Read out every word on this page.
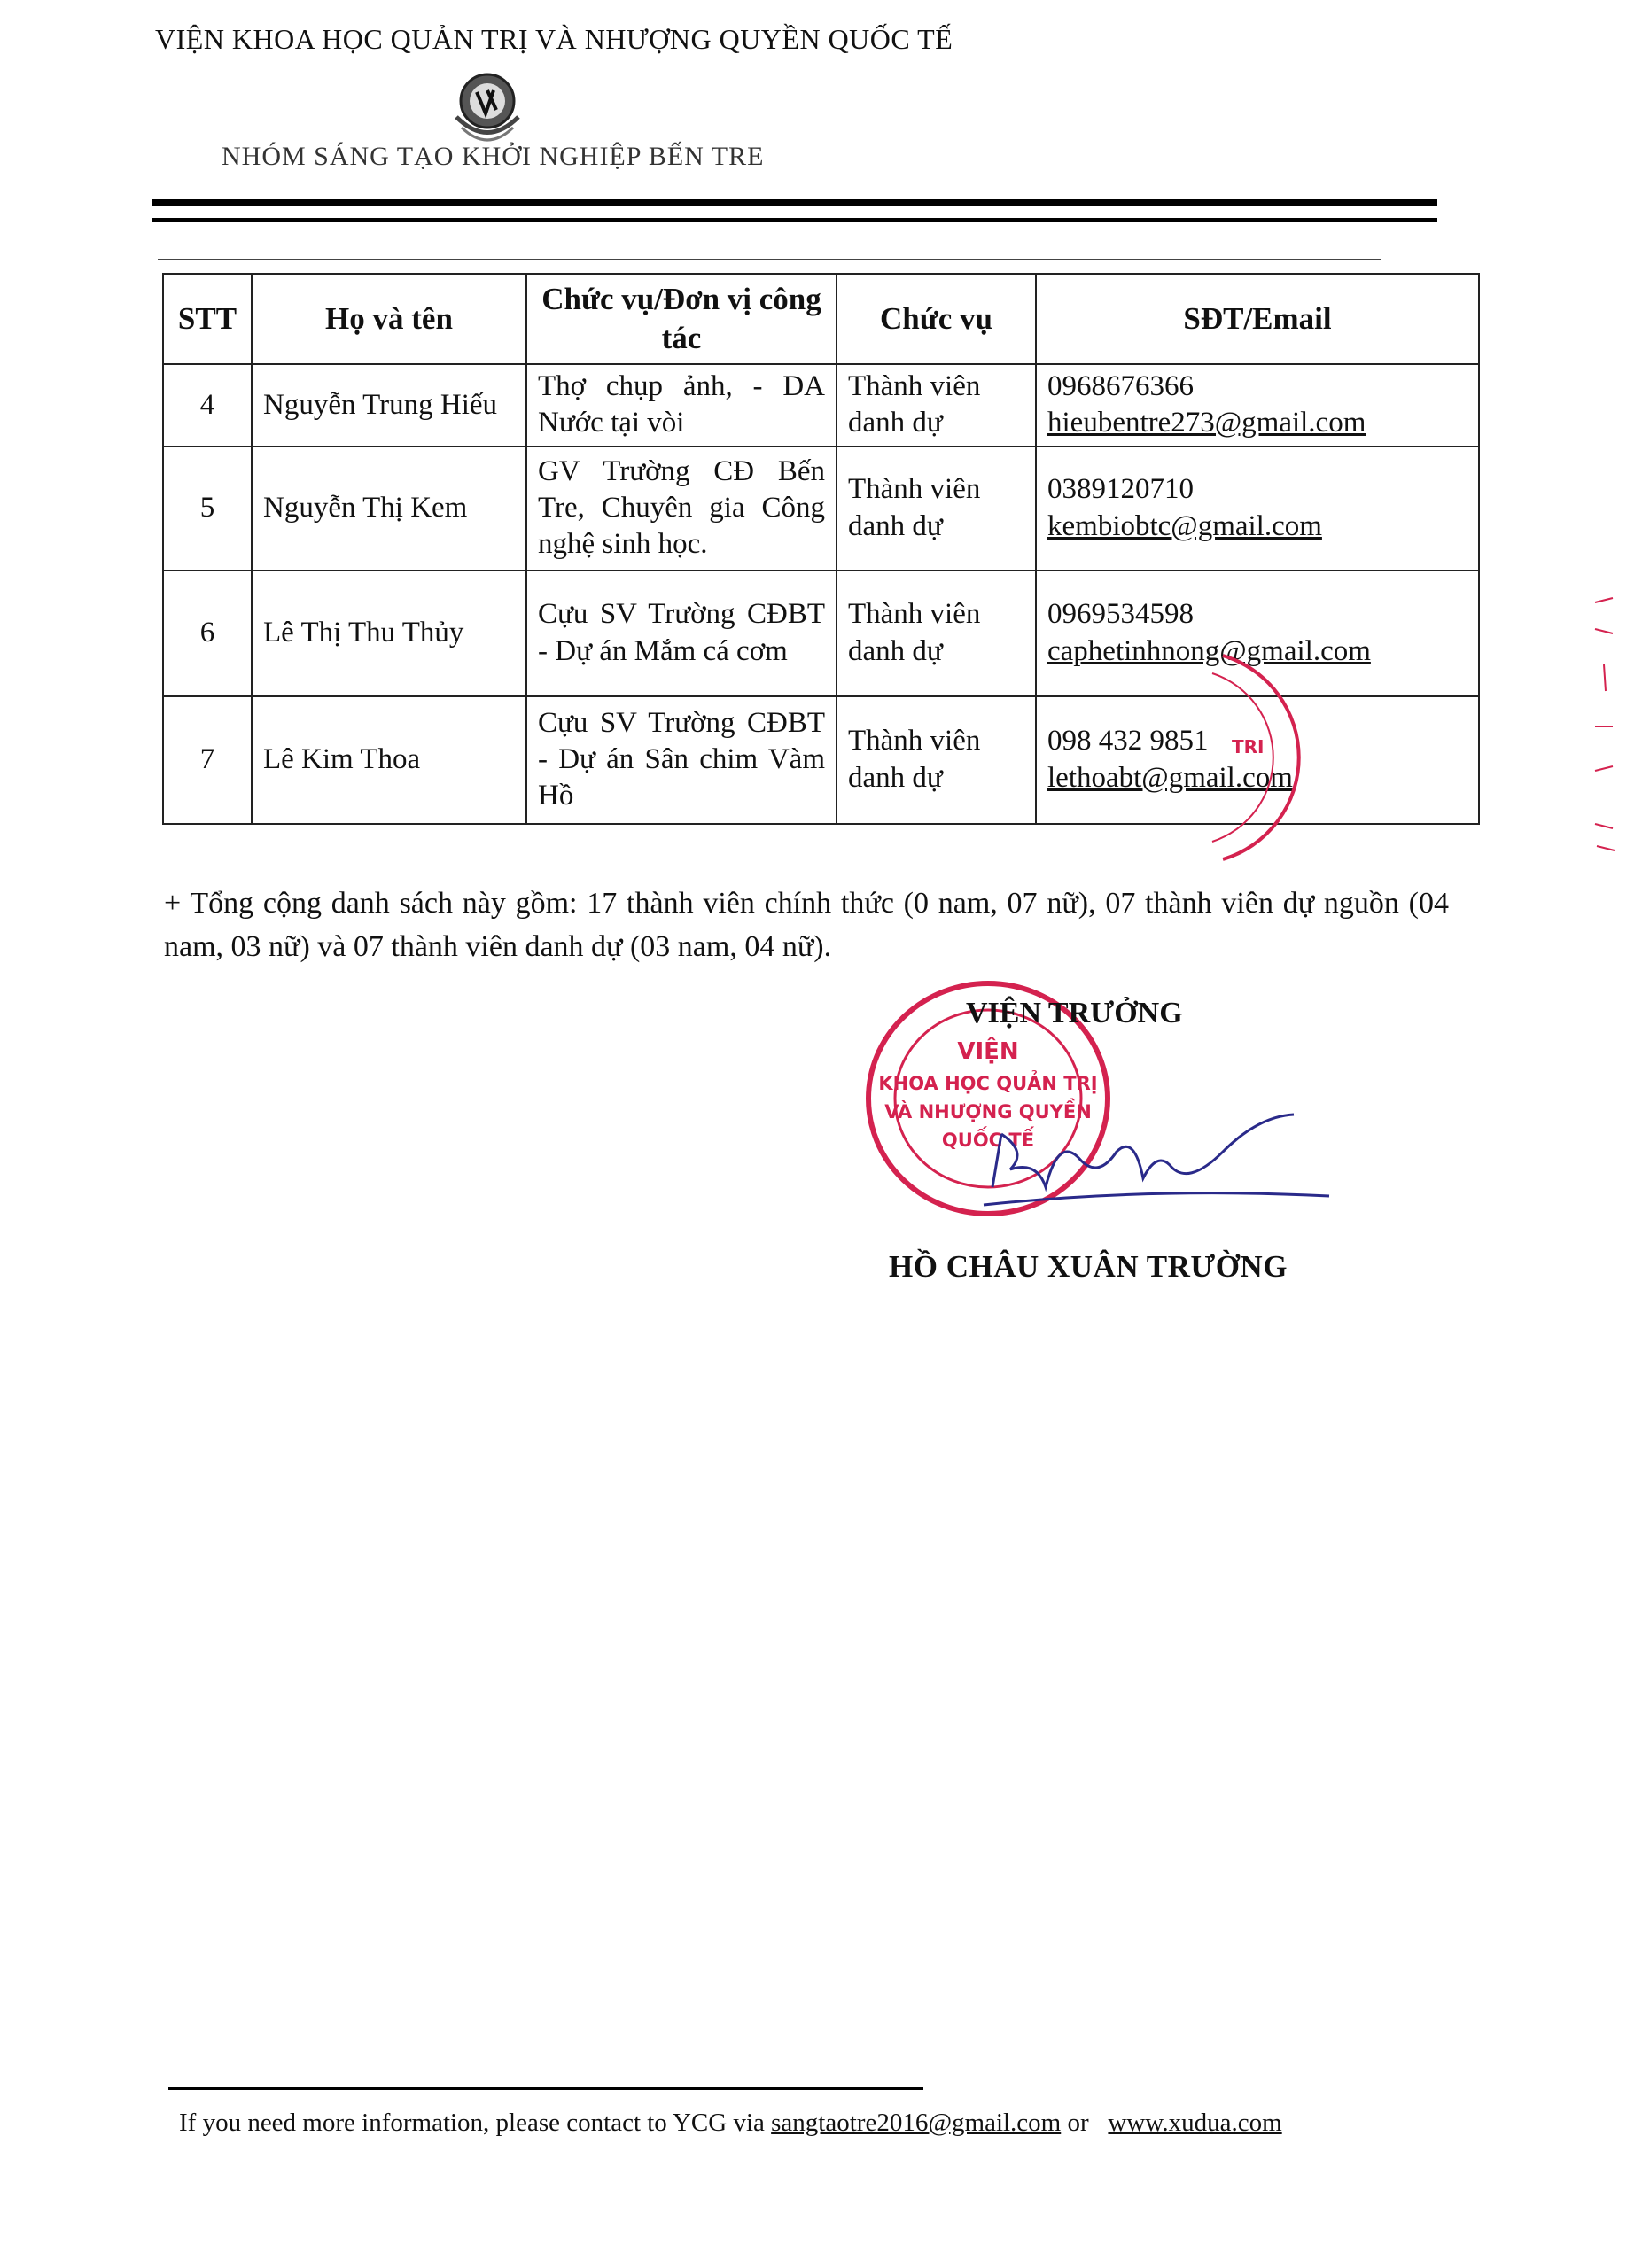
VIỆN KHOA HỌC QUẢN TRỊ VÀ NHƯỢNG QUYỀN QUỐC TẾ
NHÓM SÁNG TẠO KHỞI NGHIỆP BẾN TRE
STT	Họ và tên	Chức vụ/Đơn vị công tác	Chức vụ	SĐT/Email
4	Nguyễn Trung Hiếu	Thợ chụp ảnh, - DA Nước tại vòi	Thành viên danh dự	0968676366
hieubentre273@gmail.com

5	Nguyễn Thị Kem	GV Trường CĐ Bến Tre, Chuyên gia Công nghệ sinh học.	Thành viên danh dự	0389120710
kembiobtc@gmail.com

6	Lê Thị Thu Thủy	Cựu SV Trường CĐBT - Dự án Mắm cá cơm	Thành viên danh dự	0969534598
caphetinhnong@gmail.com

7	Lê Kim Thoa	Cựu SV Trường CĐBT - Dự án Sân chim Vàm Hồ	Thành viên danh dự	098 432 9851
lethoabt@gmail.com
TRI
+ Tổng cộng danh sách này gồm: 17 thành viên chính thức (0 nam, 07 nữ), 07 thành viên dự nguồn (04 nam, 03 nữ) và 07 thành viên danh dự (03 nam, 04 nữ).
VIỆN
KHOA HỌC QUẢN TRỊ
VÀ NHƯỢNG QUYỀN
QUỐC TẾ
VIỆN TRƯỞNG
HỒ CHÂU XUÂN TRƯỜNG
If you need more information, please contact to YCG via sangtaotre2016@gmail.com or www.xudua.com
